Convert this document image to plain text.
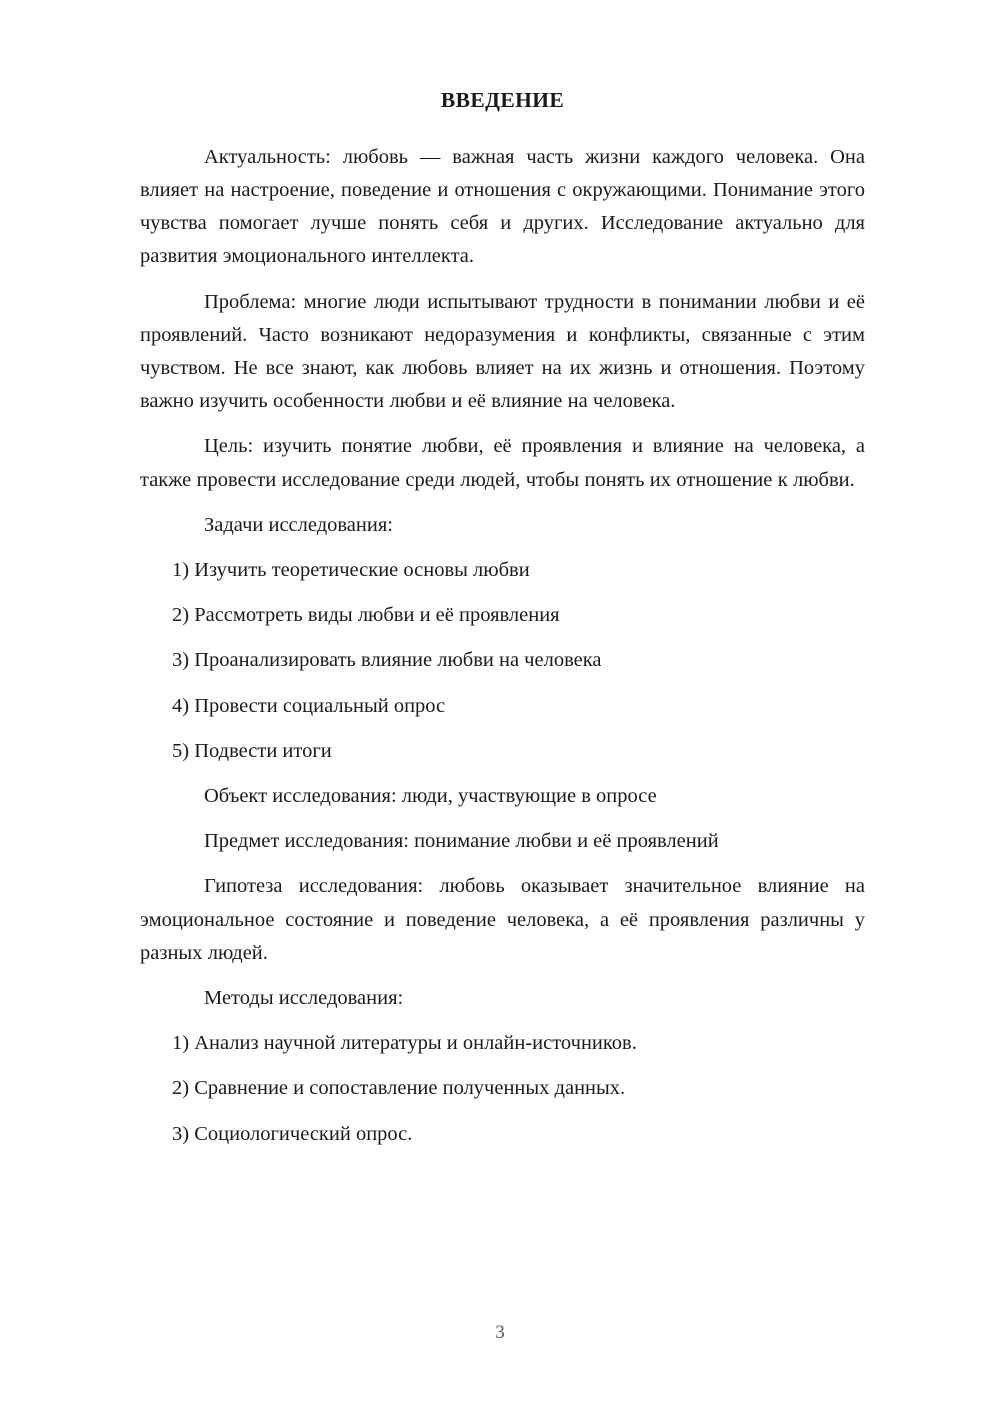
ВВЕДЕНИЕ

Актуальность: любовь — важная часть жизни каждого человека. Она влияет на настроение, поведение и отношения с окружающими. Понимание этого чувства помогает лучше понять себя и других. Исследование актуально для развития эмоционального интеллекта.

Проблема: многие люди испытывают трудности в понимании любви и её проявлений. Часто возникают недоразумения и конфликты, связанные с этим чувством. Не все знают, как любовь влияет на их жизнь и отношения. Поэтому важно изучить особенности любви и её влияние на человека.

Цель: изучить понятие любви, её проявления и влияние на человека, а также провести исследование среди людей, чтобы понять их отношение к любви.

Задачи исследования:

1) Изучить теоретические основы любви
2) Рассмотреть виды любви и её проявления
3) Проанализировать влияние любви на человека
4) Провести социальный опрос
5) Подвести итоги

Объект исследования: люди, участвующие в опросе

Предмет исследования: понимание любви и её проявлений

Гипотеза исследования: любовь оказывает значительное влияние на эмоциональное состояние и поведение человека, а её проявления различны у разных людей.

Методы исследования:

1) Анализ научной литературы и онлайн-источников.
2) Сравнение и сопоставление полученных данных.
3) Социологический опрос.
3
